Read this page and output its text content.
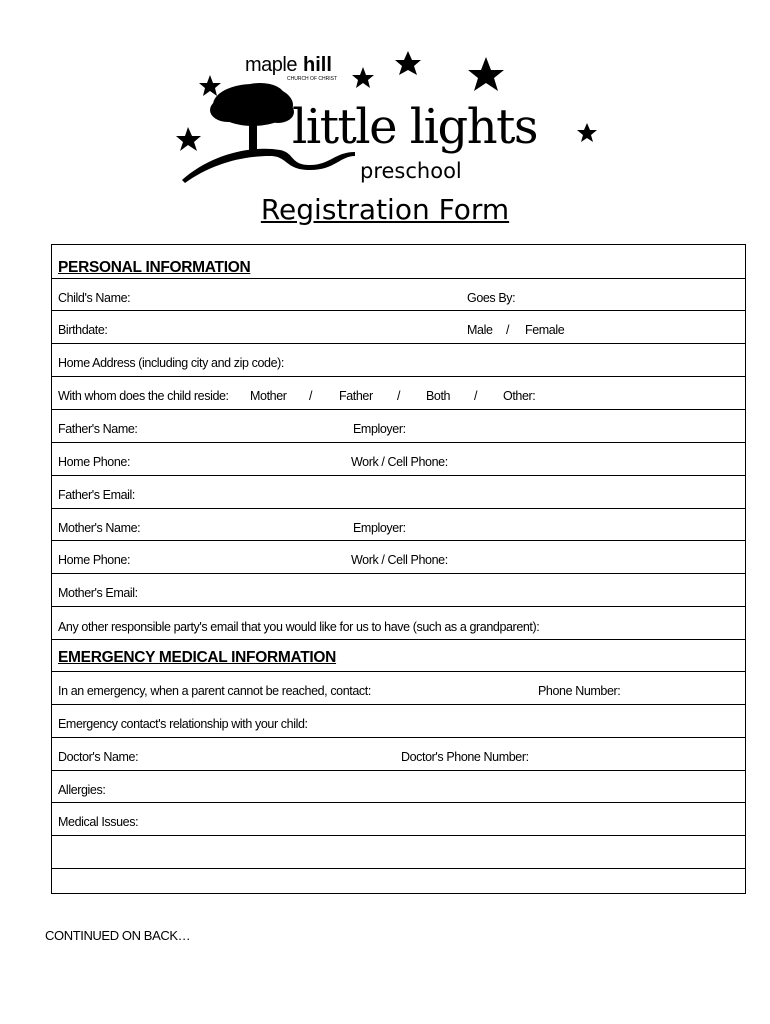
maple hill
CHURCH OF CHRIST
little lights
preschool
Registration Form
PERSONAL INFORMATION
Child's Name:	Goes By:
Birthdate:	Male / Female
Home Address (including city and zip code):
With whom does the child reside: Mother / Father / Both / Other:
Father's Name:	Employer:
Home Phone:	Work / Cell Phone:
Father's Email:
Mother's Name:	Employer:
Home Phone:	Work / Cell Phone:
Mother's Email:
Any other responsible party's email that you would like for us to have (such as a grandparent):
EMERGENCY MEDICAL INFORMATION
In an emergency, when a parent cannot be reached, contact:	Phone Number:
Emergency contact's relationship with your child:
Doctor's Name:	Doctor's Phone Number:
Allergies:
Medical Issues:
CONTINUED ON BACK…
